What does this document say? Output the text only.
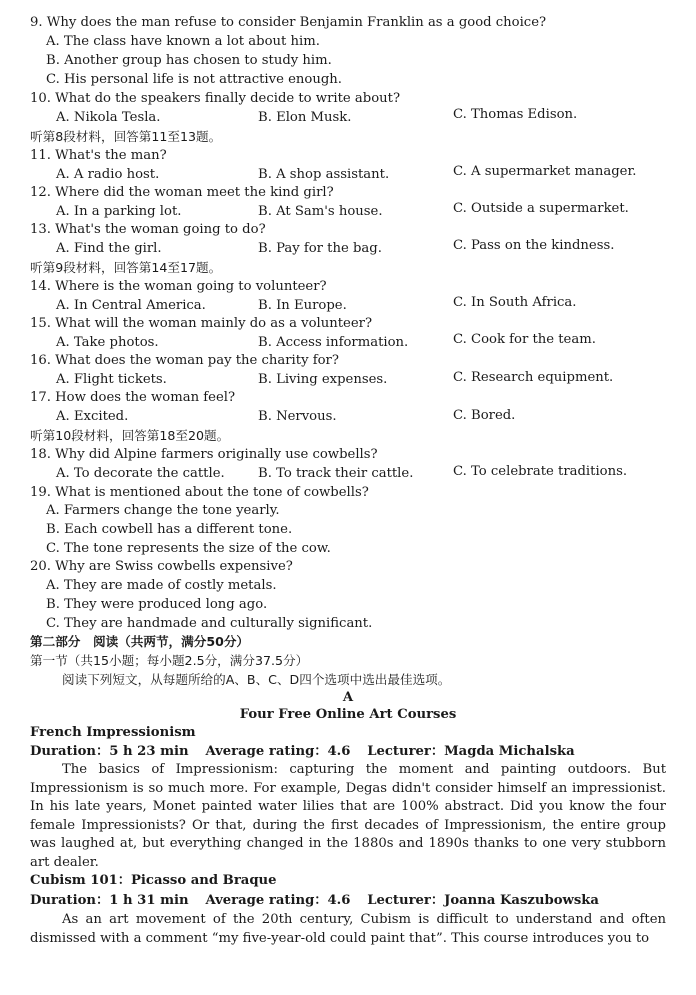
9. Why does the man refuse to consider Benjamin Franklin as a good choice?
A. The class have known a lot about him.
B. Another group has chosen to study him.
C. His personal life is not attractive enough.
10. What do the speakers finally decide to write about?
A. Nikola Tesla.	B. Elon Musk.	C. Thomas Edison.
听第8段材料，回答第11至13题。
11. What's the man?
A. A radio host.	B. A shop assistant.	C. A supermarket manager.
12. Where did the woman meet the kind girl?
A. In a parking lot.	B. At Sam's house.	C. Outside a supermarket.
13. What's the woman going to do?
A. Find the girl.	B. Pay for the bag.	C. Pass on the kindness.
听第9段材料，回答第14至17题。
14. Where is the woman going to volunteer?
A. In Central America.	B. In Europe.	C. In South Africa.
15. What will the woman mainly do as a volunteer?
A. Take photos.	B. Access information.	C. Cook for the team.
16. What does the woman pay the charity for?
A. Flight tickets.	B. Living expenses.	C. Research equipment.
17. How does the woman feel?
A. Excited.	B. Nervous.	C. Bored.
听第10段材料，回答第18至20题。
18. Why did Alpine farmers originally use cowbells?
A. To decorate the cattle.	B. To track their cattle.	C. To celebrate traditions.
19. What is mentioned about the tone of cowbells?
A. Farmers change the tone yearly.
B. Each cowbell has a different tone.
C. The tone represents the size of the cow.
20. Why are Swiss cowbells expensive?
A. They are made of costly metals.
B. They were produced long ago.
C. They are handmade and culturally significant.
第二部分　阅读（共两节，满分50分）
第一节（共15小题；每小题2.5分，满分37.5分）
阅读下列短文，从每题所给的A、B、C、D四个选项中选出最佳选项。
A
Four Free Online Art Courses
French Impressionism
Duration：5 h 23 min Average rating：4.6 Lecturer：Magda Michalska
The basics of Impressionism: capturing the moment and painting outdoors. But Impressionism is so much more. For example, Degas didn't consider himself an impressionist. In his late years, Monet painted water lilies that are 100% abstract. Did you know the four female Impressionists? Or that, during the first decades of Impressionism, the entire group was laughed at, but everything changed in the 1880s and 1890s thanks to one very stubborn art dealer.
Cubism 101：Picasso and Braque
Duration：1 h 31 min Average rating：4.6 Lecturer：Joanna Kaszubowska
As an art movement of the 20th century, Cubism is difficult to understand and often dismissed with a comment “my five-year-old could paint that”. This course introduces you to
